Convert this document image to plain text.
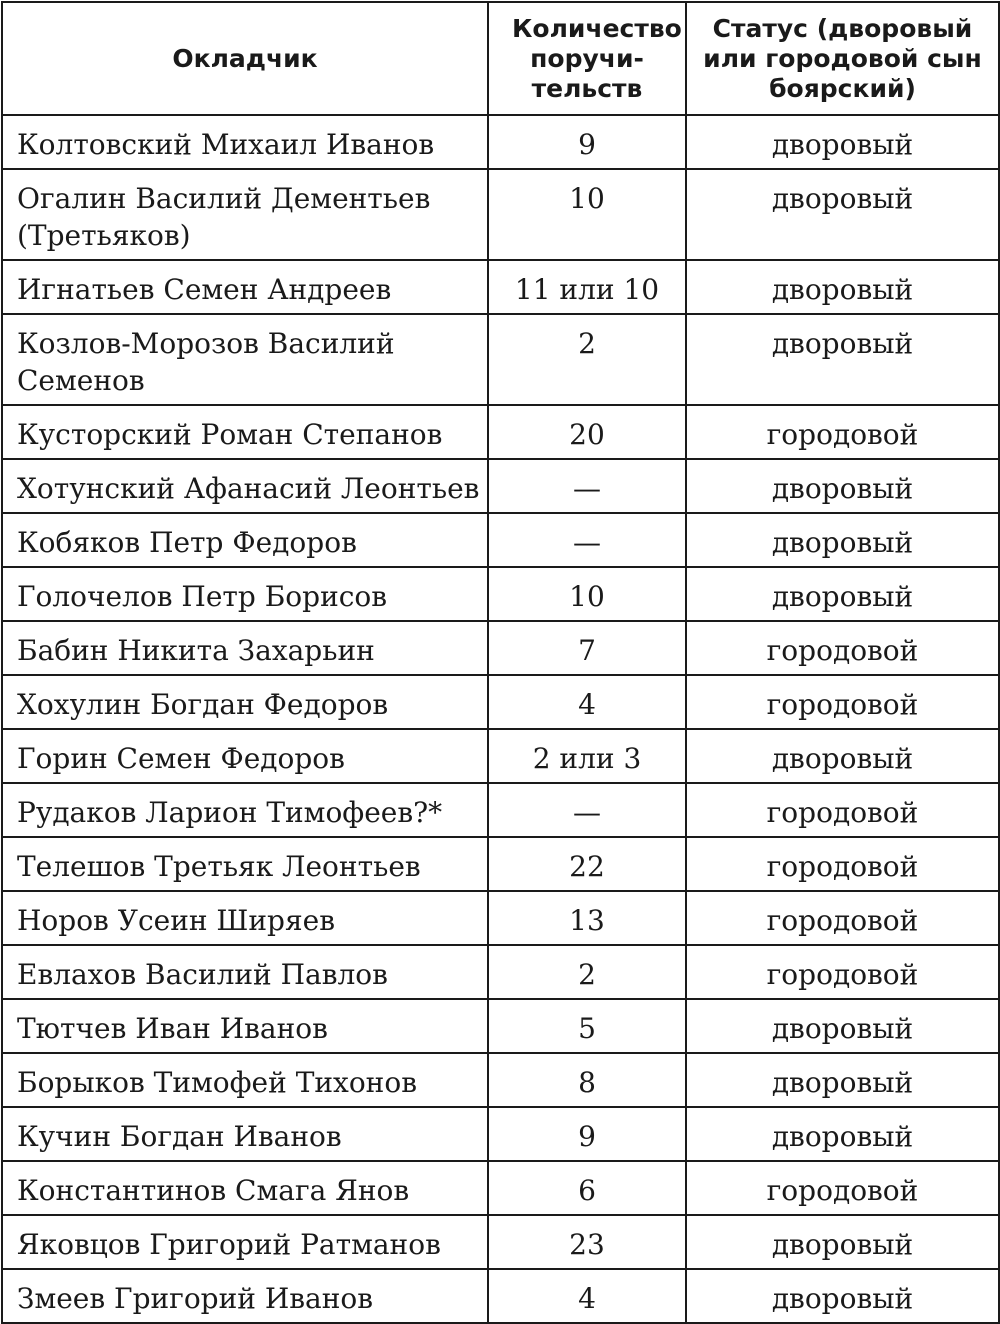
Окладчик	Количество поручи-тельств	Статус (дворовый или городовой сын боярский)

Колтовский Михаил Иванов	9	дворовый
Огалин Василий Дементьев (Третьяков)	10	дворовый
Игнатьев Семен Андреев	11 или 10	дворовый
Козлов-Морозов Василий Семенов	2	дворовый
Кусторский Роман Степанов	20	городовой
Хотунский Афанасий Леонтьев	—	дворовый
Кобяков Петр Федоров	—	дворовый
Голочелов Петр Борисов	10	дворовый
Бабин Никита Захарьин	7	городовой
Хохулин Богдан Федоров	4	городовой
Горин Семен Федоров	2 или 3	дворовый
Рудаков Ларион Тимофеев?*	—	городовой
Телешов Третьяк Леонтьев	22	городовой
Норов Усеин Ширяев	13	городовой
Евлахов Василий Павлов	2	городовой
Тютчев Иван Иванов	5	дворовый
Борыков Тимофей Тихонов	8	дворовый
Кучин Богдан Иванов	9	дворовый
Константинов Смага Янов	6	городовой
Яковцов Григорий Ратманов	23	дворовый
Змеев Григорий Иванов	4	дворовый
